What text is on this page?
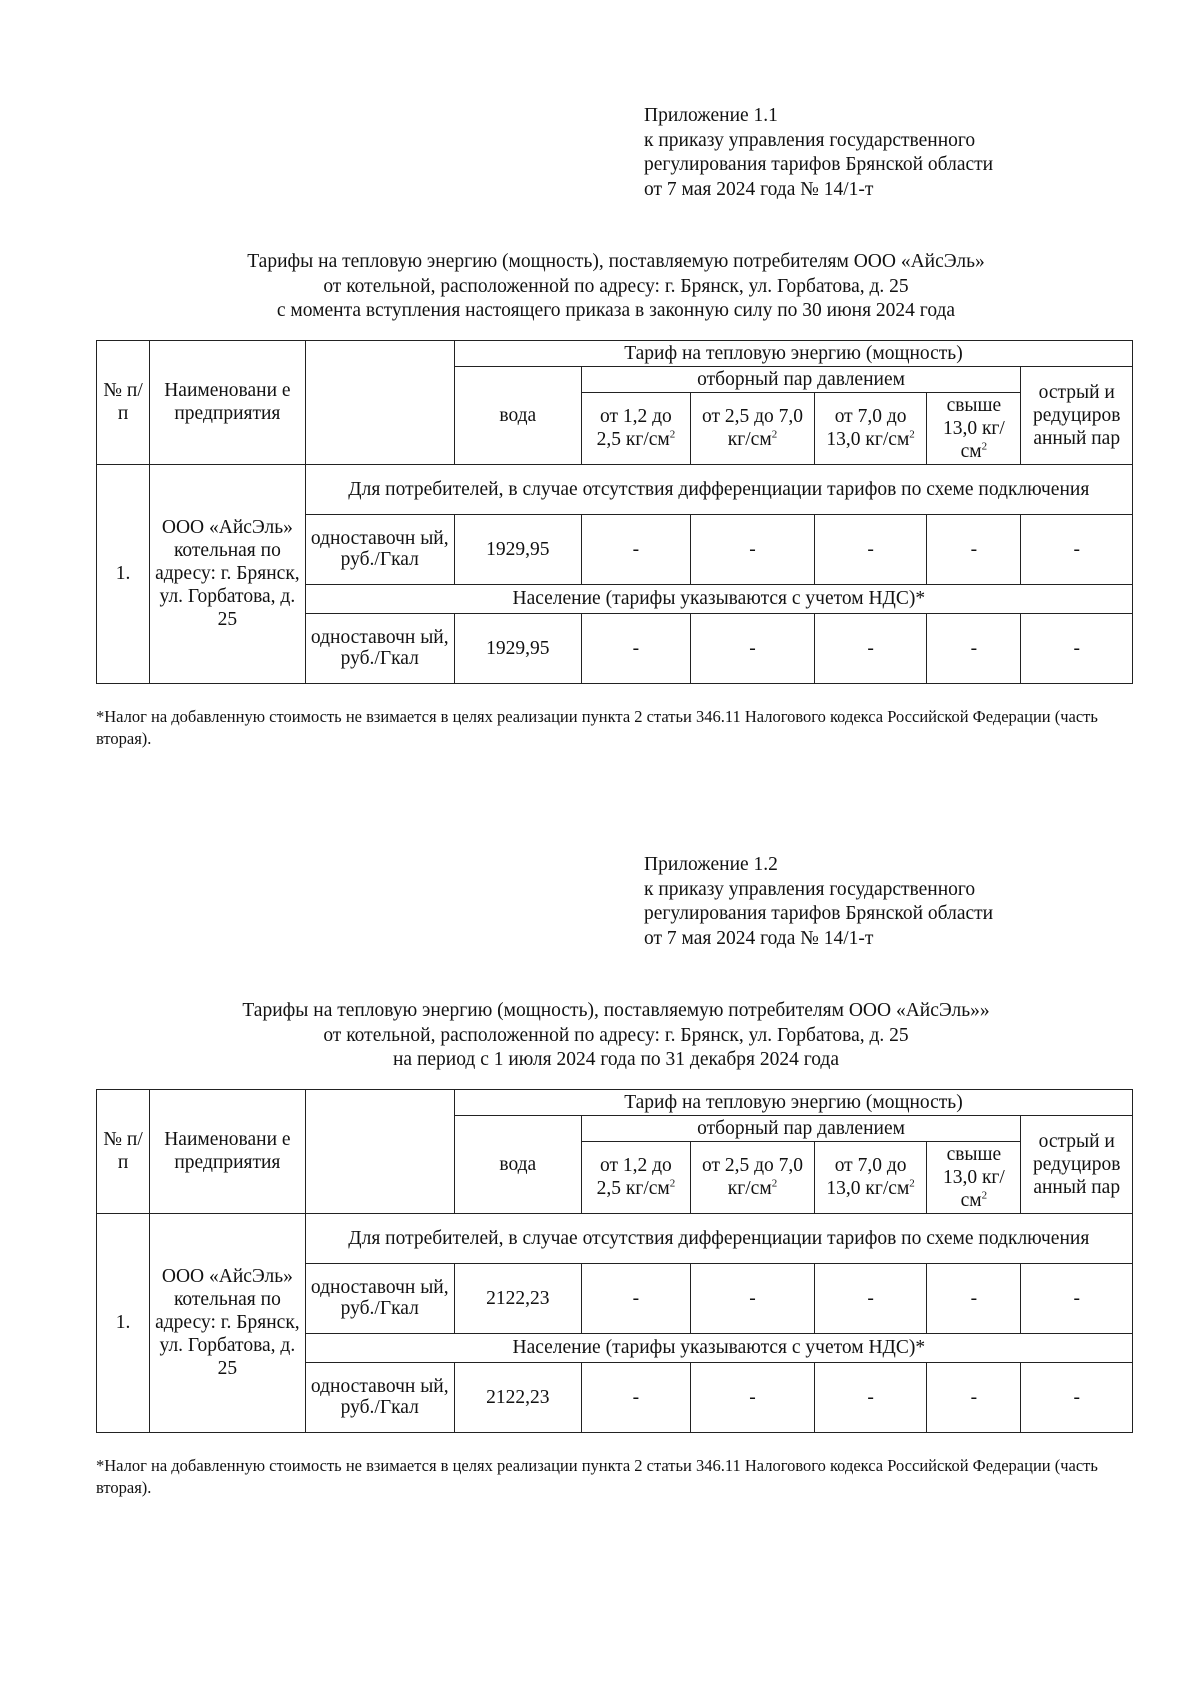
Приложение 1.1
к приказу управления государственного
регулирования тарифов Брянской области
от 7 мая 2024 года № 14/1-т
Тарифы на тепловую энергию (мощность), поставляемую потребителям ООО «АйсЭль»
от котельной, расположенной по адресу: г. Брянск, ул. Горбатова, д. 25
с момента вступления настоящего приказа в законную силу по 30 июня 2024 года
№ п/п	Наименовани е предприятия		Тариф на тепловую энергию (мощность)					
			вода	отборный пар давлением				острый и редуциров анный пар
				от 1,2 до 2,5 $кг/см^2$	от 2,5 до 7,0 $кг/см^2$	от 7,0 до 13,0 $кг/см^2$	свыше 13,0 $кг/см^2$
1.	ООО «АйсЭль» котельная по адресу: г. Брянск, ул. Горбатова, д. 25	Для потребителей, в случае отсутствия дифференциации тарифов по схеме подключения						
		одноставочн ый, руб./Гкал	1929,95	-	-	-	-	-
		Население (тарифы указываются с учетом НДС)*						
		одноставочн ый, руб./Гкал	1929,95	-	-	-	-	-
*Налог на добавленную стоимость не взимается в целях реализации пункта 2 статьи 346.11 Налогового кодекса Российской Федерации (часть вторая).
Приложение 1.2
к приказу управления государственного
регулирования тарифов Брянской области
от 7 мая 2024 года № 14/1-т
Тарифы на тепловую энергию (мощность), поставляемую потребителям ООО «АйсЭль»»
от котельной, расположенной по адресу: г. Брянск, ул. Горбатова, д. 25
на период с 1 июля 2024 года по 31 декабря 2024 года
№ п/п	Наименовани е предприятия		Тариф на тепловую энергию (мощность)					
			вода	отборный пар давлением				острый и редуциров анный пар
				от 1,2 до 2,5 $кг/см^2$	от 2,5 до 7,0 $кг/см^2$	от 7,0 до 13,0 $кг/см^2$	свыше 13,0 $кг/см^2$
1.	ООО «АйсЭль» котельная по адресу: г. Брянск, ул. Горбатова, д. 25	Для потребителей, в случае отсутствия дифференциации тарифов по схеме подключения						
		одноставочн ый, руб./Гкал	2122,23	-	-	-	-	-
		Население (тарифы указываются с учетом НДС)*						
		одноставочн ый, руб./Гкал	2122,23	-	-	-	-	-
*Налог на добавленную стоимость не взимается в целях реализации пункта 2 статьи 346.11 Налогового кодекса Российской Федерации (часть вторая).
